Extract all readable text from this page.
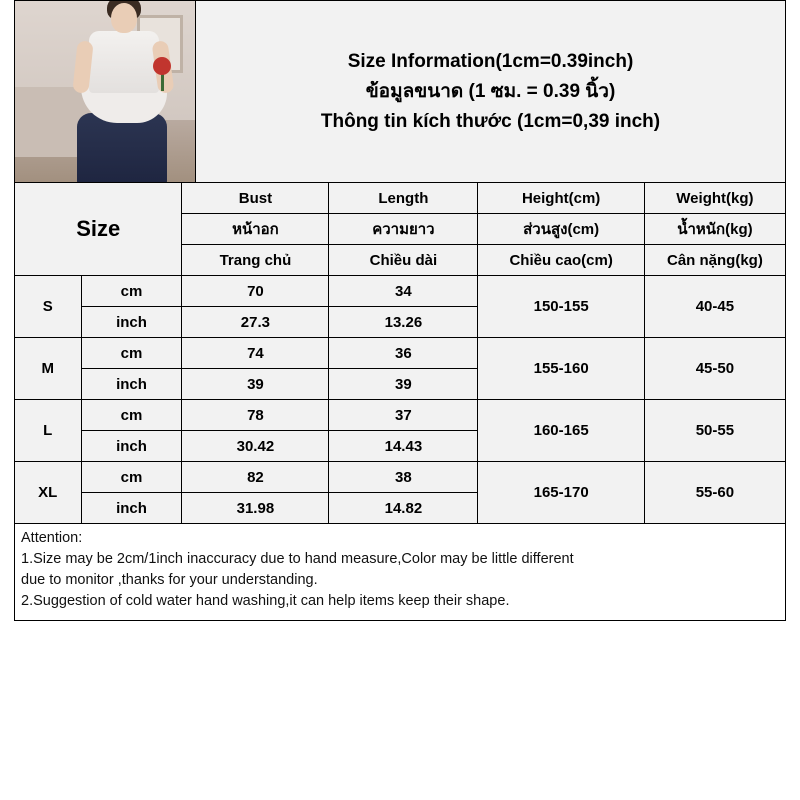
Size Information(1cm=0.39inch)
ข้อมูลขนาด (1 ซม. = 0.39 นิ้ว)
Thông tin kích thước (1cm=0,39 inch)
Size		Bust	Length	Height(cm)	Weight(kg)
		หน้าอก	ความยาว	ส่วนสูง(cm)	น้ำหนัก(kg)
		Trang chủ	Chiều dài	Chiều cao(cm)	Cân nặng(kg)
S	cm	70	34	150-155	40-45
	inch	27.3	13.26		
M	cm	74	36	155-160	45-50
	inch	39	39		
L	cm	78	37	160-165	50-55
	inch	30.42	14.43		
XL	cm	82	38	165-170	55-60
	inch	31.98	14.82		

Attention:

1.Size may be 2cm/1inch inaccuracy due to hand measure,Color may be little different

due to monitor ,thanks for your understanding.

2.Suggestion of cold water hand washing,it can help items keep their shape.
